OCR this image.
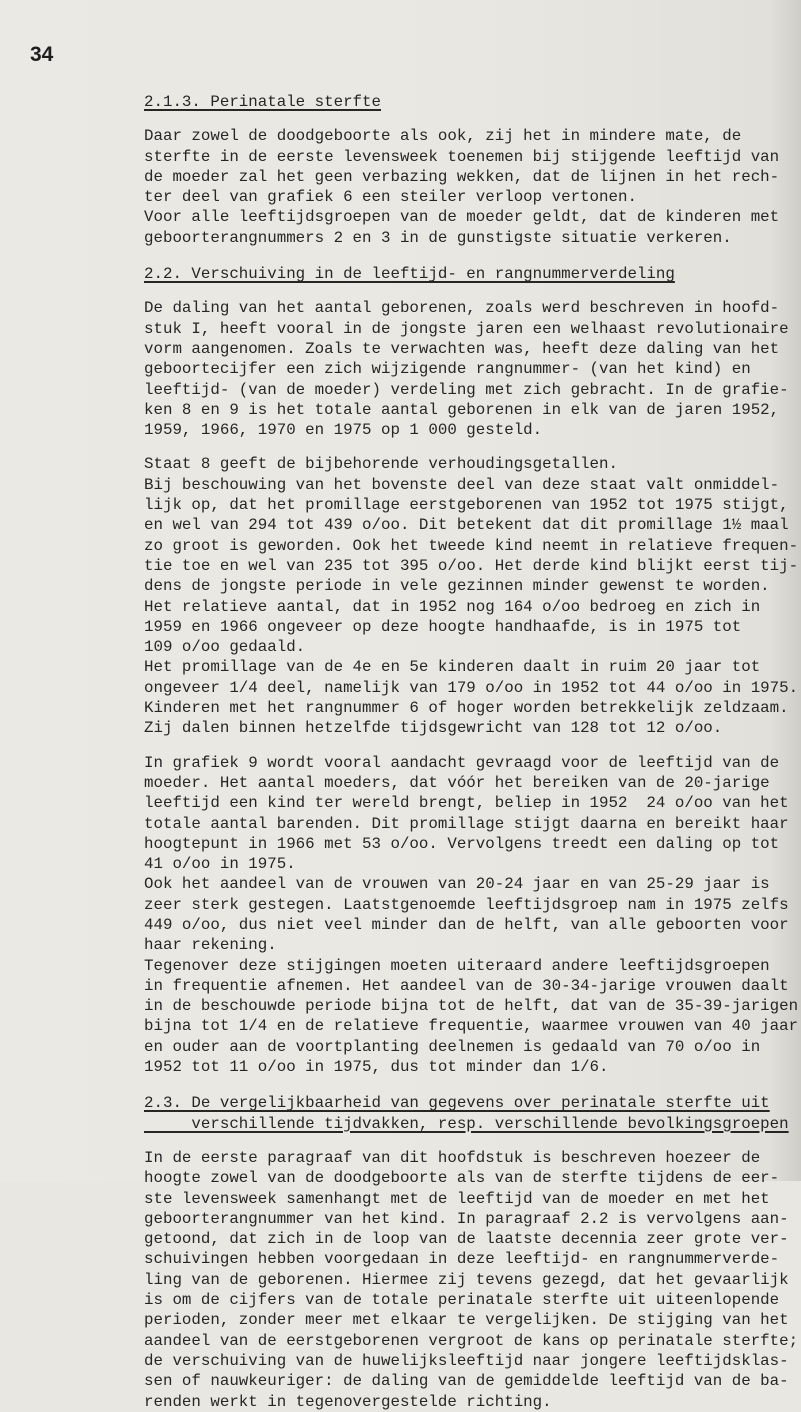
34
2.1.3. Perinatale sterfte
Daar zowel de doodgeboorte als ook, zij het in mindere mate, de
sterfte in de eerste levensweek toenemen bij stijgende leeftijd van
de moeder zal het geen verbazing wekken, dat de lijnen in het rech-
ter deel van grafiek 6 een steiler verloop vertonen.
Voor alle leeftijdsgroepen van de moeder geldt, dat de kinderen met
geboorterangnummers 2 en 3 in de gunstigste situatie verkeren.
2.2. Verschuiving in de leeftijd- en rangnummerverdeling
De daling van het aantal geborenen, zoals werd beschreven in hoofd-
stuk I, heeft vooral in de jongste jaren een welhaast revolutionaire
vorm aangenomen. Zoals te verwachten was, heeft deze daling van het
geboortecijfer een zich wijzigende rangnummer- (van het kind) en
leeftijd- (van de moeder) verdeling met zich gebracht. In de grafie-
ken 8 en 9 is het totale aantal geborenen in elk van de jaren 1952,
1959, 1966, 1970 en 1975 op 1 000 gesteld.
Staat 8 geeft de bijbehorende verhoudingsgetallen.
Bij beschouwing van het bovenste deel van deze staat valt onmiddel-
lijk op, dat het promillage eerstgeborenen van 1952 tot 1975 stijgt,
en wel van 294 tot 439 o/oo. Dit betekent dat dit promillage 1½ maal
zo groot is geworden. Ook het tweede kind neemt in relatieve frequen-
tie toe en wel van 235 tot 395 o/oo. Het derde kind blijkt eerst tij-
dens de jongste periode in vele gezinnen minder gewenst te worden.
Het relatieve aantal, dat in 1952 nog 164 o/oo bedroeg en zich in
1959 en 1966 ongeveer op deze hoogte handhaafde, is in 1975 tot
109 o/oo gedaald.
Het promillage van de 4e en 5e kinderen daalt in ruim 20 jaar tot
ongeveer 1/4 deel, namelijk van 179 o/oo in 1952 tot 44 o/oo in 1975.
Kinderen met het rangnummer 6 of hoger worden betrekkelijk zeldzaam.
Zij dalen binnen hetzelfde tijdsgewricht van 128 tot 12 o/oo.
In grafiek 9 wordt vooral aandacht gevraagd voor de leeftijd van de
moeder. Het aantal moeders, dat vóór het bereiken van de 20-jarige
leeftijd een kind ter wereld brengt, beliep in 1952  24 o/oo van het
totale aantal barenden. Dit promillage stijgt daarna en bereikt haar
hoogtepunt in 1966 met 53 o/oo. Vervolgens treedt een daling op tot
41 o/oo in 1975.
Ook het aandeel van de vrouwen van 20-24 jaar en van 25-29 jaar is
zeer sterk gestegen. Laatstgenoemde leeftijdsgroep nam in 1975 zelfs
449 o/oo, dus niet veel minder dan de helft, van alle geboorten voor
haar rekening.
Tegenover deze stijgingen moeten uiteraard andere leeftijdsgroepen
in frequentie afnemen. Het aandeel van de 30-34-jarige vrouwen daalt
in de beschouwde periode bijna tot de helft, dat van de 35-39-jarigen
bijna tot 1/4 en de relatieve frequentie, waarmee vrouwen van 40 jaar
en ouder aan de voortplanting deelnemen is gedaald van 70 o/oo in
1952 tot 11 o/oo in 1975, dus tot minder dan 1/6.
2.3. De vergelijkbaarheid van gegevens over perinatale sterfte uit
verschillende tijdvakken, resp. verschillende bevolkingsgroepen
In de eerste paragraaf van dit hoofdstuk is beschreven hoezeer de
hoogte zowel van de doodgeboorte als van de sterfte tijdens de eer-
ste levensweek samenhangt met de leeftijd van de moeder en met het
geboorterangnummer van het kind. In paragraaf 2.2 is vervolgens aan-
getoond, dat zich in de loop van de laatste decennia zeer grote ver-
schuivingen hebben voorgedaan in deze leeftijd- en rangnummerverde-
ling van de geborenen. Hiermee zij tevens gezegd, dat het gevaarlijk
is om de cijfers van de totale perinatale sterfte uit uiteenlopende
perioden, zonder meer met elkaar te vergelijken. De stijging van het
aandeel van de eerstgeborenen vergroot de kans op perinatale sterfte;
de verschuiving van de huwelijksleeftijd naar jongere leeftijdsklas-
sen of nauwkeuriger: de daling van de gemiddelde leeftijd van de ba-
renden werkt in tegenovergestelde richting.
